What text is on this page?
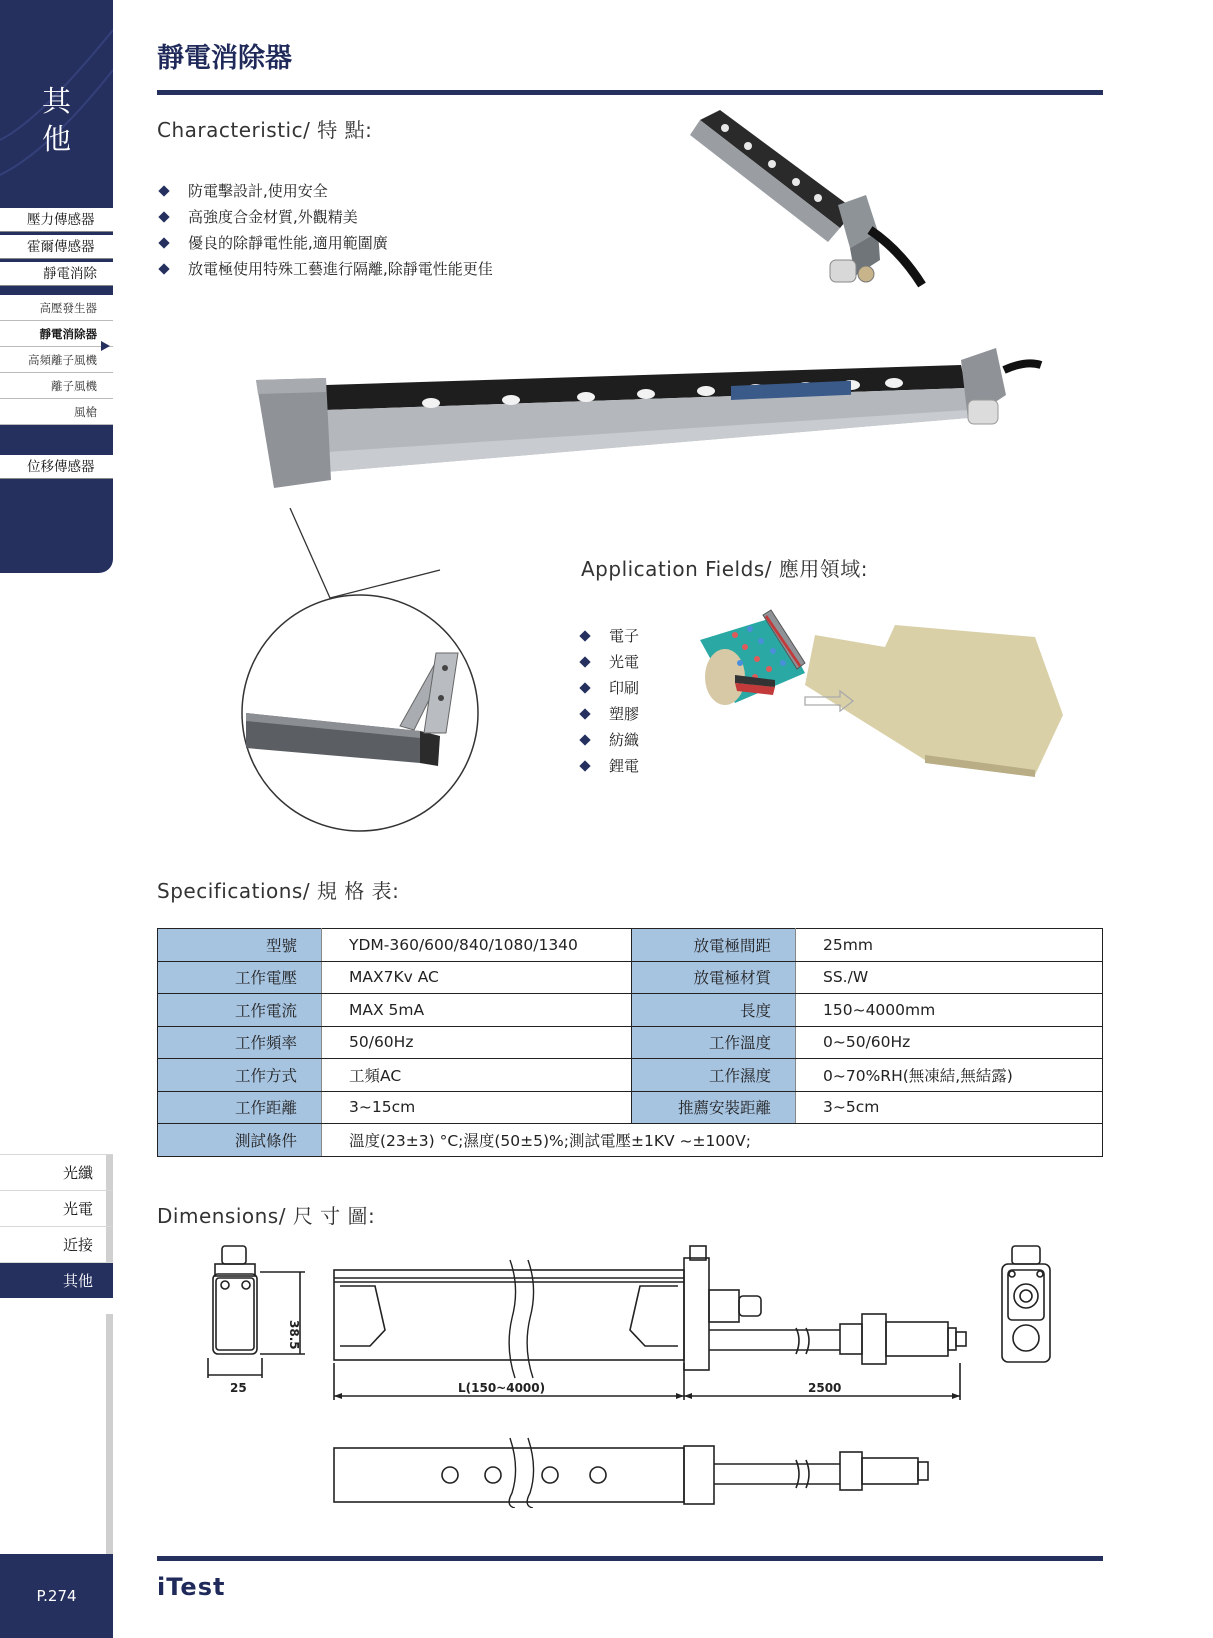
其
他
壓力傳感器
霍爾傳感器
靜電消除
高壓發生器
靜電消除器
高頻離子風機
離子風機
風槍
位移傳感器
光纖
光電
近接
其他
P.274
靜電消除器
Characteristic/ 特 點:
防電擊設計,使用安全
高強度合金材質,外觀精美
優良的除靜電性能,適用範圍廣
放電極使用特殊工藝進行隔離,除靜電性能更佳
Application Fields/ 應用領域:
電子
光電
印刷
塑膠
紡織
鋰電
Specifications/ 規 格 表:
型號	YDM-360/600/840/1080/1340	放電極間距	25mm
工作電壓	MAX7Kv AC	放電極材質	SS./W
工作電流	MAX 5mA	長度	150~4000mm
工作頻率	50/60Hz	工作溫度	0~50/60Hz
工作方式	工頻AC	工作濕度	0~70%RH(無凍結,無結露)
工作距離	3~15cm	推薦安裝距離	3~5cm
測試條件	溫度(23±3) °C;濕度(50±5)%;測試電壓±1KV ~±100V;		
Dimensions/ 尺 寸 圖:
25
38.5
L(150~4000)	2500
iTest
